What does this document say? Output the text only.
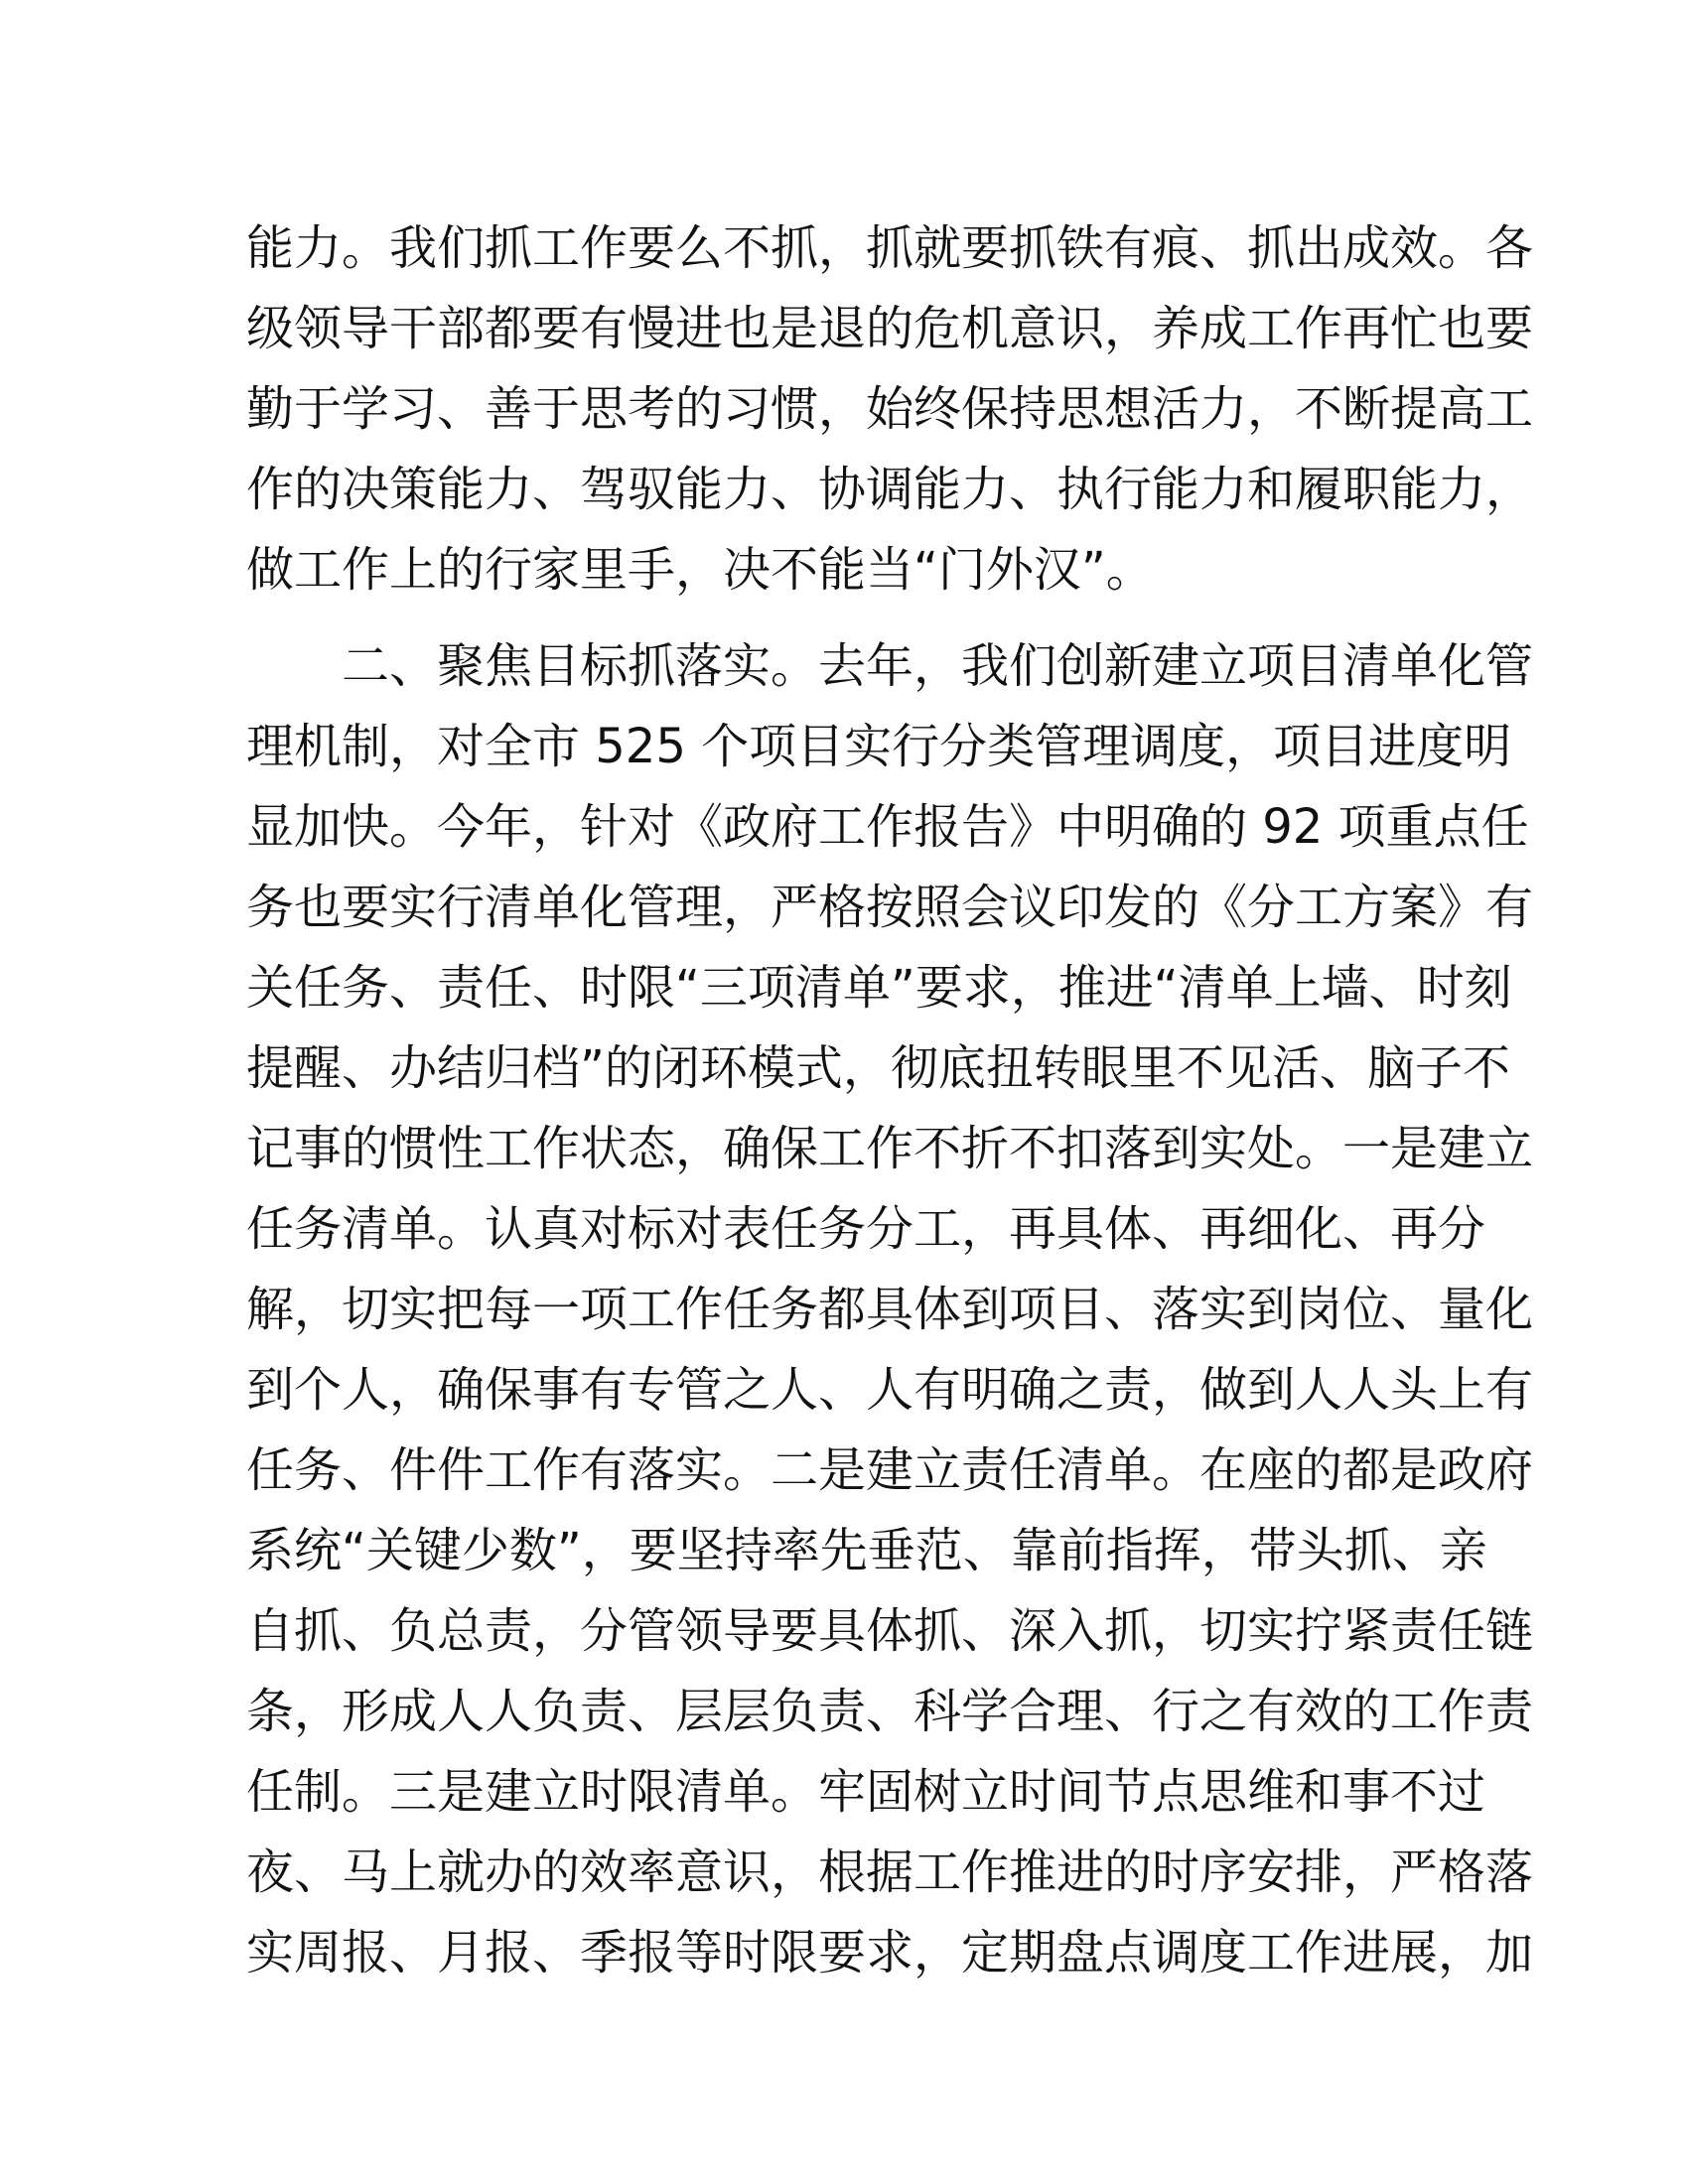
能力。我们抓工作要么不抓，抓就要抓铁有痕、抓出成效。各
级领导干部都要有慢进也是退的危机意识，养成工作再忙也要
勤于学习、善于思考的习惯，始终保持思想活力，不断提高工
作的决策能力、驾驭能力、协调能力、执行能力和履职能力，
做工作上的行家里手，决不能当“门外汉”。
二、聚焦目标抓落实。去年，我们创新建立项目清单化管
理机制，对全市 525 个项目实行分类管理调度，项目进度明
显加快。今年，针对《政府工作报告》中明确的 92 项重点任
务也要实行清单化管理，严格按照会议印发的《分工方案》有
关任务、责任、时限“三项清单”要求，推进“清单上墙、时刻
提醒、办结归档”的闭环模式，彻底扭转眼里不见活、脑子不
记事的惯性工作状态，确保工作不折不扣落到实处。一是建立
任务清单。认真对标对表任务分工，再具体、再细化、再分
解，切实把每一项工作任务都具体到项目、落实到岗位、量化
到个人，确保事有专管之人、人有明确之责，做到人人头上有
任务、件件工作有落实。二是建立责任清单。在座的都是政府
系统“关键少数”，要坚持率先垂范、靠前指挥，带头抓、亲
自抓、负总责，分管领导要具体抓、深入抓，切实拧紧责任链
条，形成人人负责、层层负责、科学合理、行之有效的工作责
任制。三是建立时限清单。牢固树立时间节点思维和事不过
夜、马上就办的效率意识，根据工作推进的时序安排，严格落
实周报、月报、季报等时限要求，定期盘点调度工作进展，加
